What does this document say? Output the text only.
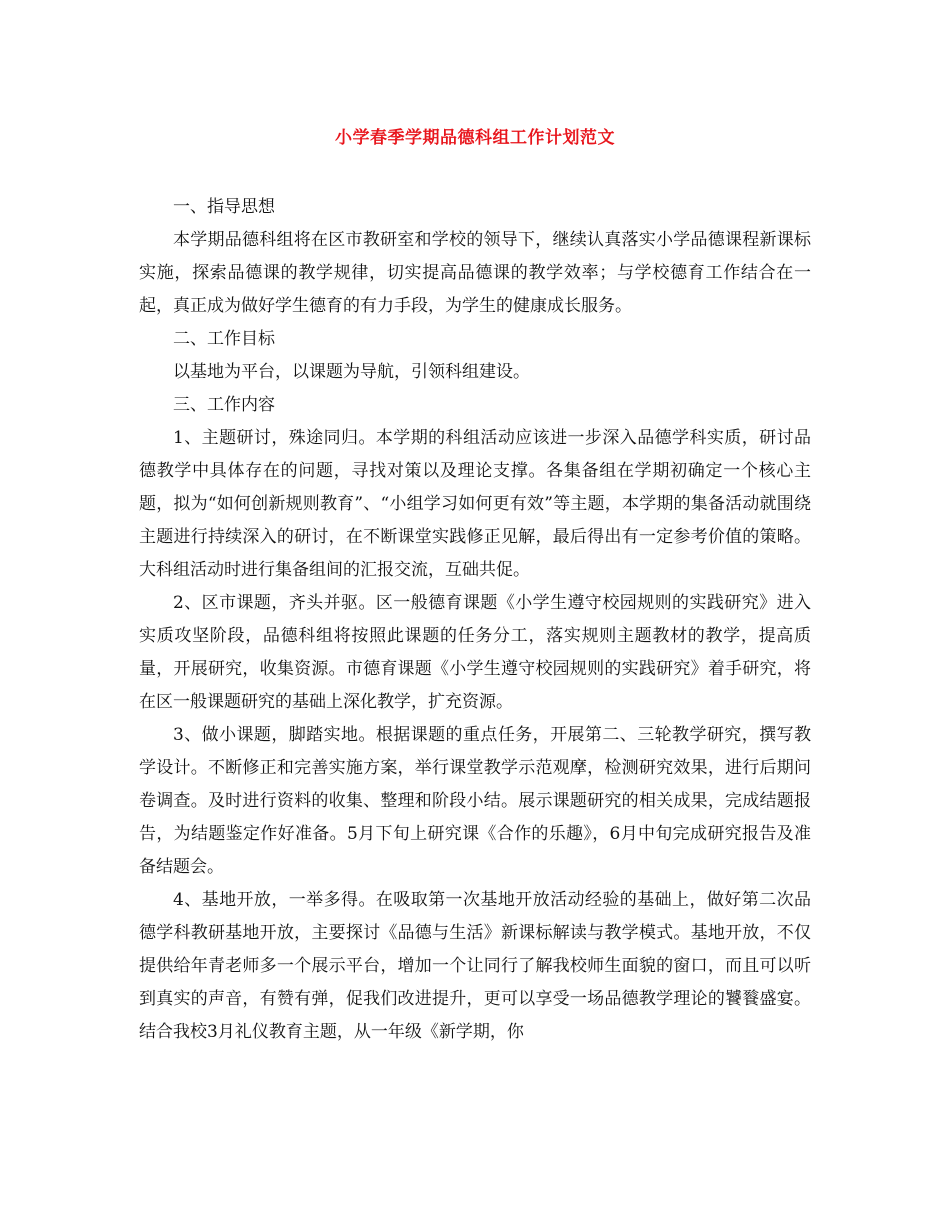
小学春季学期品德科组工作计划范文

一、指导思想

本学期品德科组将在区市教研室和学校的领导下，继续认真落实小学品德课程新课标实施，探索品德课的教学规律，切实提高品德课的教学效率；与学校德育工作结合在一起，真正成为做好学生德育的有力手段，为学生的健康成长服务。

二、工作目标

以基地为平台，以课题为导航，引领科组建设。

三、工作内容

1、主题研讨，殊途同归。本学期的科组活动应该进一步深入品德学科实质，研讨品德教学中具体存在的问题，寻找对策以及理论支撑。各集备组在学期初确定一个核心主题，拟为“如何创新规则教育”、“小组学习如何更有效”等主题，本学期的集备活动就围绕主题进行持续深入的研讨，在不断课堂实践修正见解，最后得出有一定参考价值的策略。大科组活动时进行集备组间的汇报交流，互础共促。

2、区市课题，齐头并驱。区一般德育课题《小学生遵守校园规则的实践研究》进入实质攻坚阶段，品德科组将按照此课题的任务分工，落实规则主题教材的教学，提高质量，开展研究，收集资源。市德育课题《小学生遵守校园规则的实践研究》着手研究，将在区一般课题研究的基础上深化教学，扩充资源。

3、做小课题，脚踏实地。根据课题的重点任务，开展第二、三轮教学研究，撰写教学设计。不断修正和完善实施方案，举行课堂教学示范观摩，检测研究效果，进行后期问卷调查。及时进行资料的收集、整理和阶段小结。展示课题研究的相关成果，完成结题报告，为结题鉴定作好准备。5月下旬上研究课《合作的乐趣》，6月中旬完成研究报告及准备结题会。

4、基地开放，一举多得。在吸取第一次基地开放活动经验的基础上，做好第二次品德学科教研基地开放，主要探讨《品德与生活》新课标解读与教学模式。基地开放，不仅提供给年青老师多一个展示平台，增加一个让同行了解我校师生面貌的窗口，而且可以听到真实的声音，有赞有弹，促我们改进提升，更可以享受一场品德教学理论的饕餮盛宴。结合我校3月礼仪教育主题，从一年级《新学期，你
